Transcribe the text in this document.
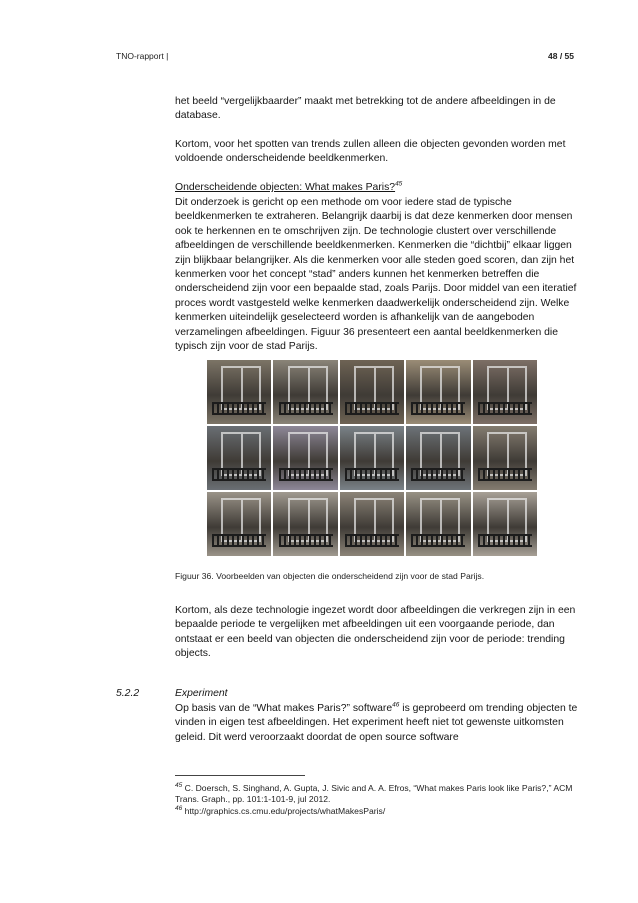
TNO-rapport |	48 / 55

het beeld “vergelijkbaarder” maakt met betrekking tot de andere afbeeldingen in de database.

Kortom, voor het spotten van trends zullen alleen die objecten gevonden worden met voldoende onderscheidende beeldkenmerken.

Onderscheidende objecten: What makes Paris?$^{45}$

Dit onderzoek is gericht op een methode om voor iedere stad de typische beeldkenmerken te extraheren. Belangrijk daarbij is dat deze kenmerken door mensen ook te herkennen en te omschrijven zijn. De technologie clustert over verschillende afbeeldingen de verschillende beeldkenmerken. Kenmerken die “dichtbij” elkaar liggen zijn blijkbaar belangrijker. Als die kenmerken voor alle steden goed scoren, dan zijn het kenmerken voor het concept “stad” anders kunnen het kenmerken betreffen die onderscheidend zijn voor een bepaalde stad, zoals Parijs. Door middel van een iteratief proces wordt vastgesteld welke kenmerken daadwerkelijk onderscheidend zijn. Welke kenmerken uiteindelijk geselecteerd worden is afhankelijk van de aangeboden verzamelingen afbeeldingen. Figuur 36 presenteert een aantal beeldkenmerken die typisch zijn voor de stad Parijs.

Figuur 36. Voorbeelden van objecten die onderscheidend zijn voor de stad Parijs.

Kortom, als deze technologie ingezet wordt door afbeeldingen die verkregen zijn in een bepaalde periode te vergelijken met afbeeldingen uit een voorgaande periode, dan ontstaat er een beeld van objecten die onderscheidend zijn voor de periode: trending objects.

5.2.2	Experiment

Op basis van de “What makes Paris?” software$^{46}$ is geprobeerd om trending objecten te vinden in eigen test afbeeldingen. Het experiment heeft niet tot gewenste uitkomsten geleid. Dit werd veroorzaakt doordat de open source software

$^{45}$ C. Doersch, S. Singhand, A. Gupta, J. Sivic and A. A. Efros, “What makes Paris look like Paris?,” ACM Trans. Graph., pp. 101:1-101-9, jul 2012.
$^{46}$ http://graphics.cs.cmu.edu/projects/whatMakesParis/
